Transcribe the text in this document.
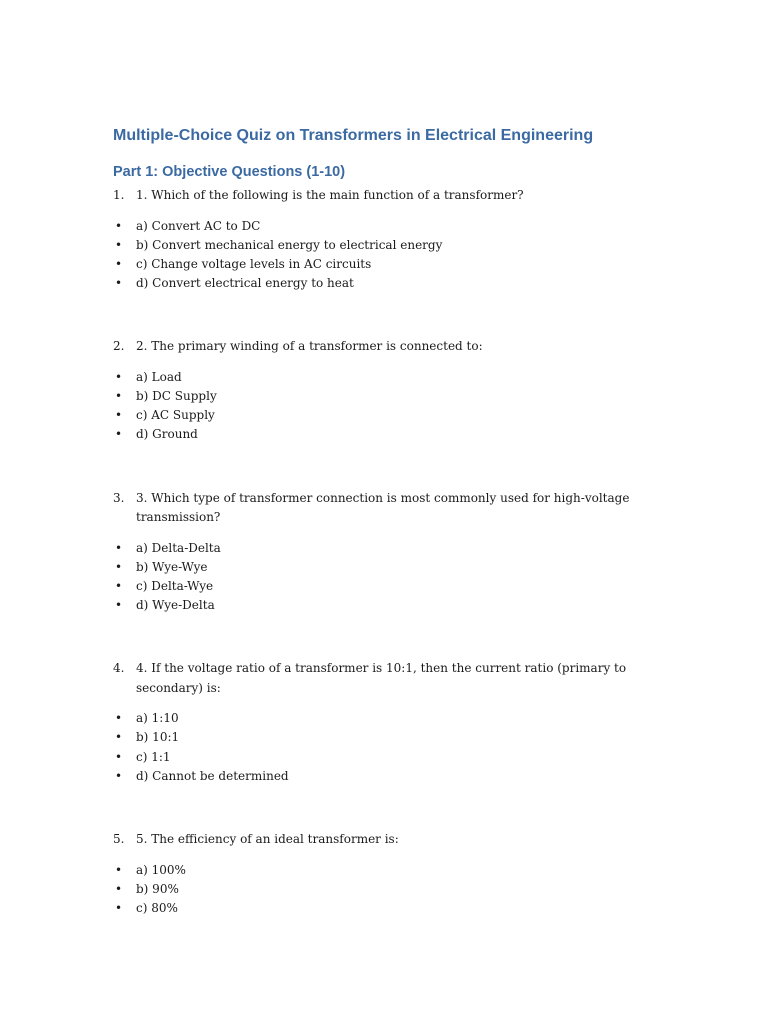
Multiple-Choice Quiz on Transformers in Electrical Engineering
Part 1: Objective Questions (1-10)
1. 1. Which of the following is the main function of a transformer?
• a) Convert AC to DC
• b) Convert mechanical energy to electrical energy
• c) Change voltage levels in AC circuits
• d) Convert electrical energy to heat
2. 2. The primary winding of a transformer is connected to:
• a) Load
• b) DC Supply
• c) AC Supply
• d) Ground
3. 3. Which type of transformer connection is most commonly used for high-voltage transmission?
• a) Delta-Delta
• b) Wye-Wye
• c) Delta-Wye
• d) Wye-Delta
4. 4. If the voltage ratio of a transformer is 10:1, then the current ratio (primary to secondary) is:
• a) 1:10
• b) 10:1
• c) 1:1
• d) Cannot be determined
5. 5. The efficiency of an ideal transformer is:
• a) 100%
• b) 90%
• c) 80%
